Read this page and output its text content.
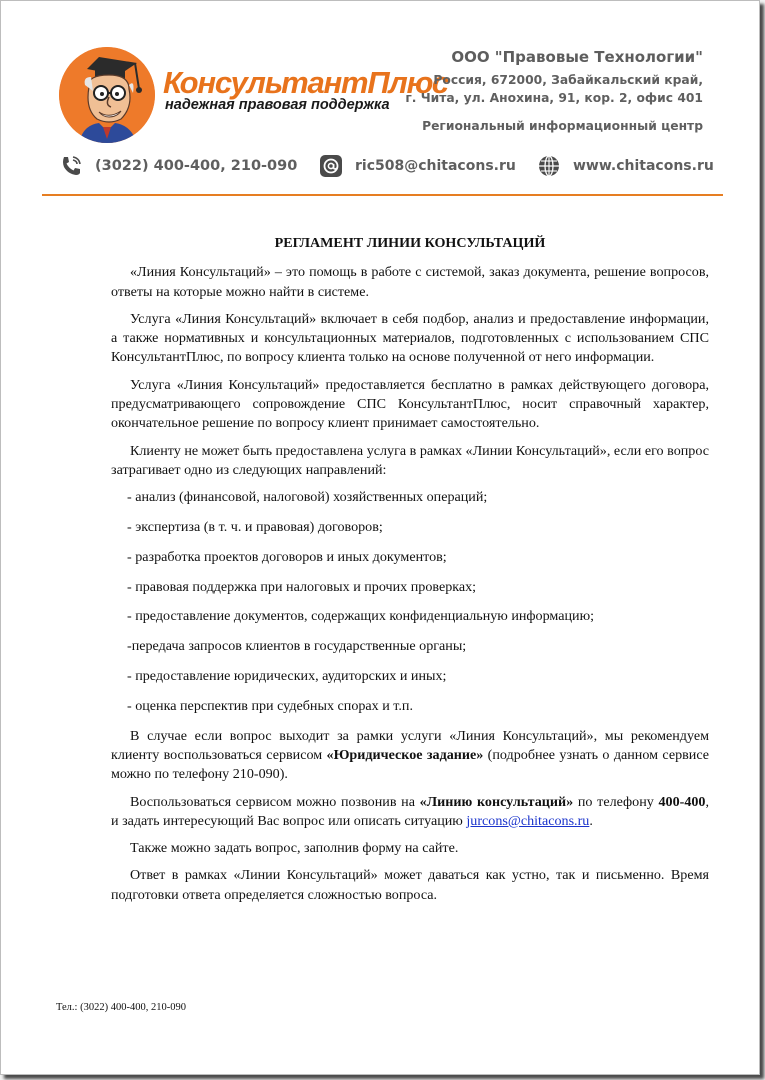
КонсультантПлюс
надежная правовая поддержка
ООО "Правовые Технологии"
Россия, 672000, Забайкальский край,
г. Чита, ул. Анохина, 91, кор. 2, офис 401
Региональный информационный центр
(3022) 400-400, 210-090	ric508@chitacons.ru	www.chitacons.ru
РЕГЛАМЕНТ ЛИНИИ КОНСУЛЬТАЦИЙ

«Линия Консультаций» – это помощь в работе с системой, заказ документа, решение вопросов, ответы на которые можно найти в системе.

Услуга «Линия Консультаций» включает в себя подбор, анализ и предоставление информации, а также нормативных и консультационных материалов, подготовленных с использованием СПС КонсультантПлюс, по вопросу клиента только на основе полученной от него информации.

Услуга «Линия Консультаций» предоставляется бесплатно в рамках действующего договора, предусматривающего сопровождение СПС КонсультантПлюс, носит справочный характер, окончательное решение по вопросу клиент принимает самостоятельно.

Клиенту не может быть предоставлена услуга в рамках «Линии Консультаций», если его вопрос затрагивает одно из следующих направлений:

- анализ (финансовой, налоговой) хозяйственных операций;
- экспертиза (в т. ч. и правовая) договоров;
- разработка проектов договоров и иных документов;
- правовая поддержка при налоговых и прочих проверках;
- предоставление документов, содержащих конфиденциальную информацию;
-передача запросов клиентов в государственные органы;
- предоставление юридических, аудиторских и иных;
- оценка перспектив при судебных спорах и т.п.

В случае если вопрос выходит за рамки услуги «Линия Консультаций», мы рекомендуем клиенту воспользоваться сервисом «Юридическое задание» (подробнее узнать о данном сервисе можно по телефону 210-090).

Воспользоваться сервисом можно позвонив на «Линию консультаций» по телефону 400-400, и задать интересующий Вас вопрос или описать ситуацию jurcons@chitacons.ru.

Также можно задать вопрос, заполнив форму на сайте.

Ответ в рамках «Линии Консультаций» может даваться как устно, так и письменно. Время подготовки ответа определяется сложностью вопроса.

Тел.: (3022) 400-400, 210-090
